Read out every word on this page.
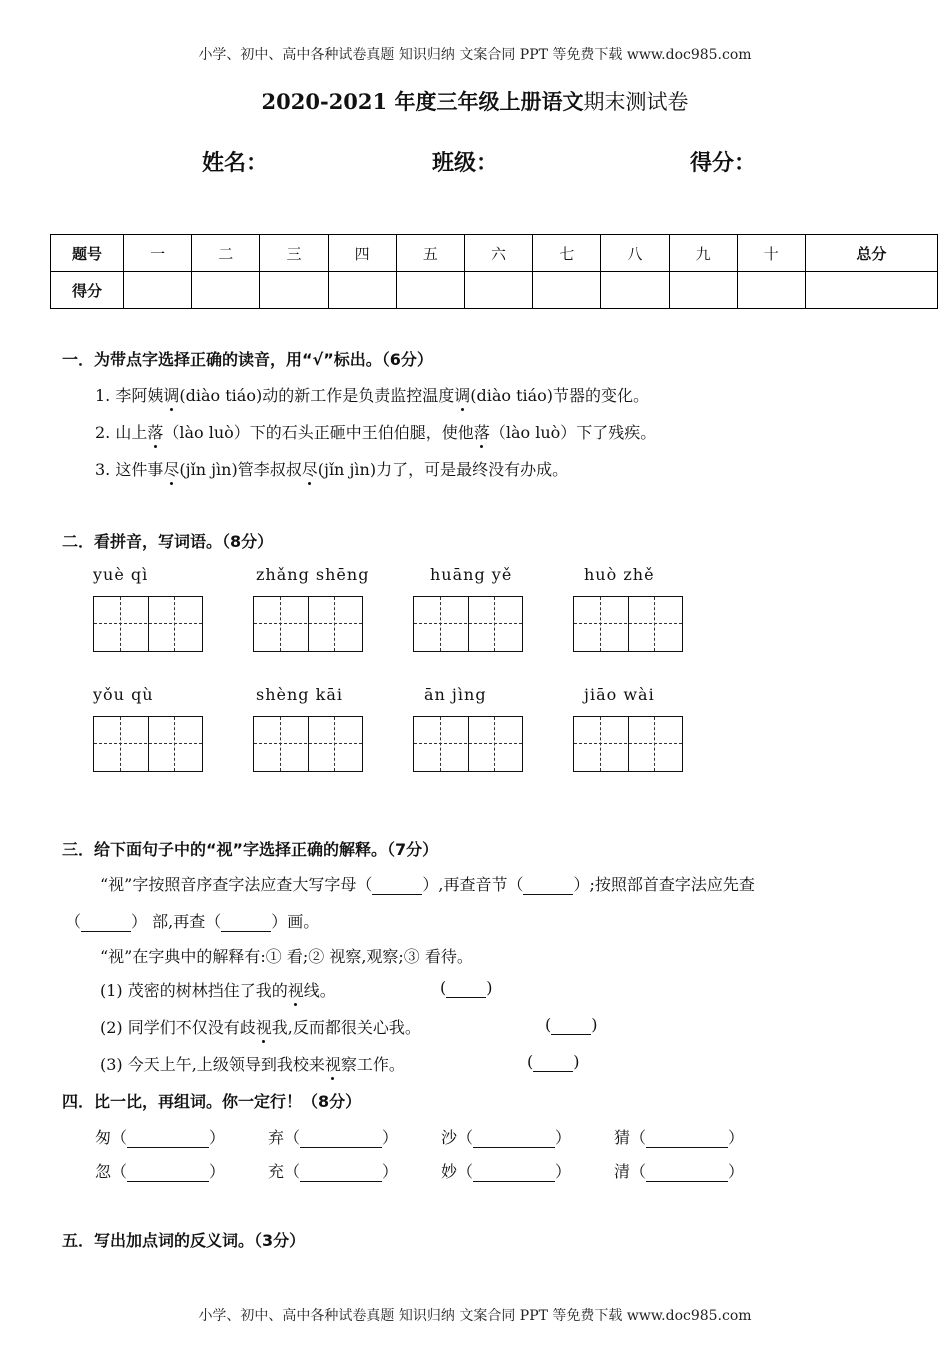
小学、初中、高中各种试卷真题 知识归纳 文案合同 PPT 等免费下载 www.doc985.com
2020-2021 年度三年级上册语文期末测试卷
姓名：	班级：	得分：
题号	一	二	三	四	五	六	七	八	九	十	总分
得分											
一．为带点字选择正确的读音，用“√”标出。（6分）
1. 李阿姨调(diào tiáo)动的新工作是负责监控温度调(diào tiáo)节器的变化。
2. 山上落（lào luò）下的石头正砸中王伯伯腿，使他落（lào luò）下了残疾。
3. 这件事尽(jǐn jìn)管李叔叔尽(jǐn jìn)力了，可是最终没有办成。
二．看拼音，写词语。（8分）
yuè qì	zhǎng shēng	huāng yě	huò zhě
yǒu qù	shèng kāi	ān jìng	jiāo wài
三．给下面句子中的“视”字选择正确的解释。（7分）
“视”字按照音序查字法应查大写字母（	）,再查音节（	）;按照部首查字法应先查
（	） 部,再查（	）画。
“视”在字典中的解释有:① 看;② 视察,观察;③ 看待。
(1) 茂密的树林挡住了我的视线。	(	)
(2) 同学们不仅没有歧视我,反而都很关心我。	(	)
(3) 今天上午,上级领导到我校来视察工作。	(	)
四．比一比，再组词。你一定行！（8分）
匆（	）	弃（	）	沙（	）	猜（	）
忽（	）	充（	）	妙（	）	清（	）
五．写出加点词的反义词。（3分）
小学、初中、高中各种试卷真题 知识归纳 文案合同 PPT 等免费下载 www.doc985.com
